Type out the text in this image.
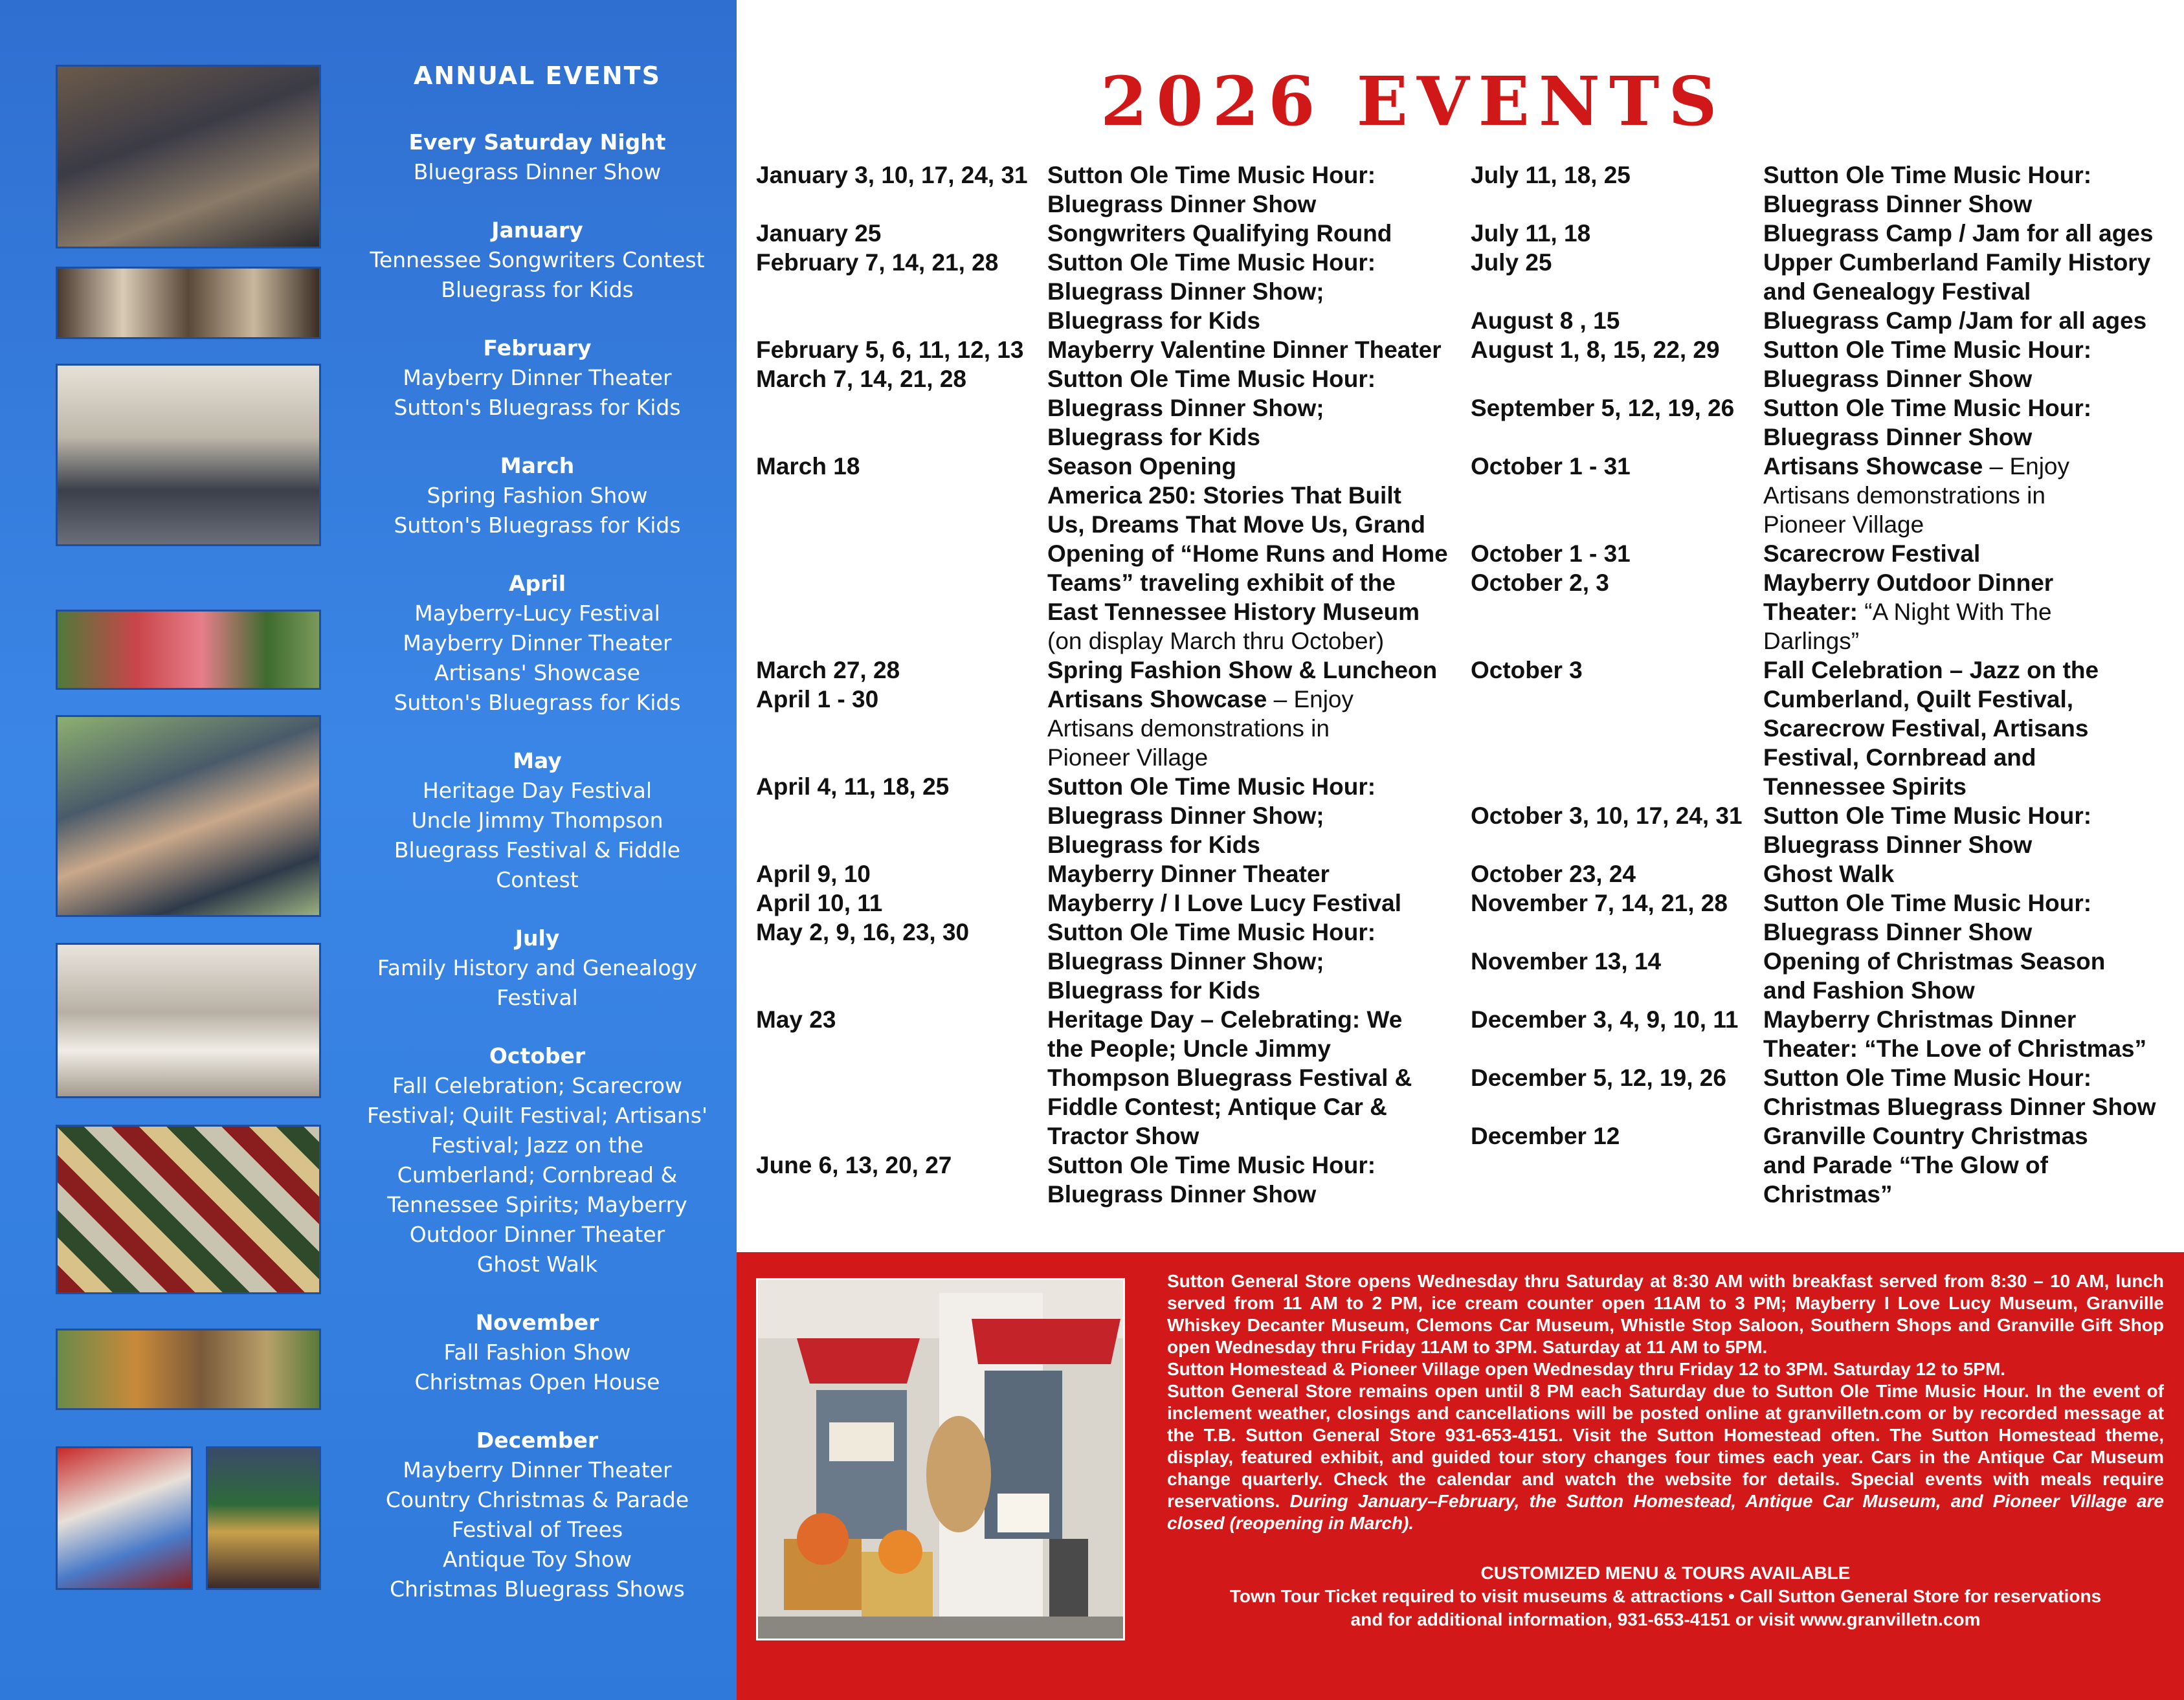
ANNUAL EVENTS
Every Saturday Night
Bluegrass Dinner Show
January
Tennessee Songwriters Contest
Bluegrass for Kids
February
Mayberry Dinner Theater
Sutton's Bluegrass for Kids
March
Spring Fashion Show
Sutton's Bluegrass for Kids
April
Mayberry-Lucy Festival
Mayberry Dinner Theater
Artisans' Showcase
Sutton's Bluegrass for Kids
May
Heritage Day Festival
Uncle Jimmy Thompson
Bluegrass Festival & Fiddle
Contest
July
Family History and Genealogy
Festival
October
Fall Celebration; Scarecrow
Festival; Quilt Festival; Artisans'
Festival; Jazz on the
Cumberland; Cornbread &
Tennessee Spirits; Mayberry
Outdoor Dinner Theater
Ghost Walk
November
Fall Fashion Show
Christmas Open House
December
Mayberry Dinner Theater
Country Christmas & Parade
Festival of Trees
Antique Toy Show
Christmas Bluegrass Shows
2026 EVENTS
January 3, 10, 17, 24, 31 Sutton Ole Time Music Hour:
Bluegrass Dinner Show
January 25	Songwriters Qualifying Round
February 7, 14, 21, 28	Sutton Ole Time Music Hour:
Bluegrass Dinner Show;
Bluegrass for Kids
February 5, 6, 11, 12, 13 Mayberry Valentine Dinner Theater
March 7, 14, 21, 28	Sutton Ole Time Music Hour:
Bluegrass Dinner Show;
Bluegrass for Kids
March 18	Season Opening
America 250: Stories That Built
Us, Dreams That Move Us, Grand
Opening of “Home Runs and Home
Teams” traveling exhibit of the
East Tennessee History Museum
(on display March thru October)
March 27, 28	Spring Fashion Show & Luncheon
April 1 - 30	Artisans Showcase – Enjoy
Artisans demonstrations in
Pioneer Village
April 4, 11, 18, 25	Sutton Ole Time Music Hour:
Bluegrass Dinner Show;
Bluegrass for Kids
April 9, 10	Mayberry Dinner Theater
April 10, 11	Mayberry / I Love Lucy Festival
May 2, 9, 16, 23, 30	Sutton Ole Time Music Hour:
Bluegrass Dinner Show;
Bluegrass for Kids
May 23	Heritage Day – Celebrating: We
the People; Uncle Jimmy
Thompson Bluegrass Festival &
Fiddle Contest; Antique Car &
Tractor Show
June 6, 13, 20, 27	Sutton Ole Time Music Hour:
Bluegrass Dinner Show
July 11, 18, 25	Sutton Ole Time Music Hour:
Bluegrass Dinner Show
July 11, 18	Bluegrass Camp / Jam for all ages
July 25	Upper Cumberland Family History
and Genealogy Festival
August 8 , 15	Bluegrass Camp /Jam for all ages
August 1, 8, 15, 22, 29	Sutton Ole Time Music Hour:
Bluegrass Dinner Show
September 5, 12, 19, 26	Sutton Ole Time Music Hour:
Bluegrass Dinner Show
October 1 - 31	Artisans Showcase – Enjoy
Artisans demonstrations in
Pioneer Village
October 1 - 31	Scarecrow Festival
October 2, 3	Mayberry Outdoor Dinner
Theater: “A Night With The
Darlings”
October 3	Fall Celebration – Jazz on the
Cumberland, Quilt Festival,
Scarecrow Festival, Artisans
Festival, Cornbread and
Tennessee Spirits
October 3, 10, 17, 24, 31 Sutton Ole Time Music Hour:
Bluegrass Dinner Show
October 23, 24	Ghost Walk
November 7, 14, 21, 28	Sutton Ole Time Music Hour:
Bluegrass Dinner Show
November 13, 14	Opening of Christmas Season
and Fashion Show
December 3, 4, 9, 10, 11	Mayberry Christmas Dinner
Theater: “The Love of Christmas”
December 5, 12, 19, 26	Sutton Ole Time Music Hour:
Christmas Bluegrass Dinner Show
December 12	Granville Country Christmas
and Parade “The Glow of
Christmas”

Sutton General Store opens Wednesday thru Saturday at 8:30 AM with breakfast served from 8:30 – 10 AM, lunch served from 11 AM to 2 PM, ice cream counter open 11AM to 3 PM; Mayberry I Love Lucy Museum, Granville Whiskey Decanter Museum, Clemons Car Museum, Whistle Stop Saloon, Southern Shops and Granville Gift Shop open Wednesday thru Friday 11AM to 3PM. Saturday at 11 AM to 5PM.

Sutton Homestead & Pioneer Village open Wednesday thru Friday 12 to 3PM. Saturday 12 to 5PM.

Sutton General Store remains open until 8 PM each Saturday due to Sutton Ole Time Music Hour. In the event of inclement weather, closings and cancellations will be posted online at granvilletn.com or by recorded message at the T.B. Sutton General Store 931-653-4151. Visit the Sutton Homestead often. The Sutton Homestead theme, display, featured exhibit, and guided tour story changes four times each year. Cars in the Antique Car Museum change quarterly. Check the calendar and watch the website for details. Special events with meals require reservations. During January–February, the Sutton Homestead, Antique Car Museum, and Pioneer Village are closed (reopening in March).

CUSTOMIZED MENU & TOURS AVAILABLE
Town Tour Ticket required to visit museums & attractions • Call Sutton General Store for reservations
and for additional information, 931-653-4151 or visit www.granvilletn.com
